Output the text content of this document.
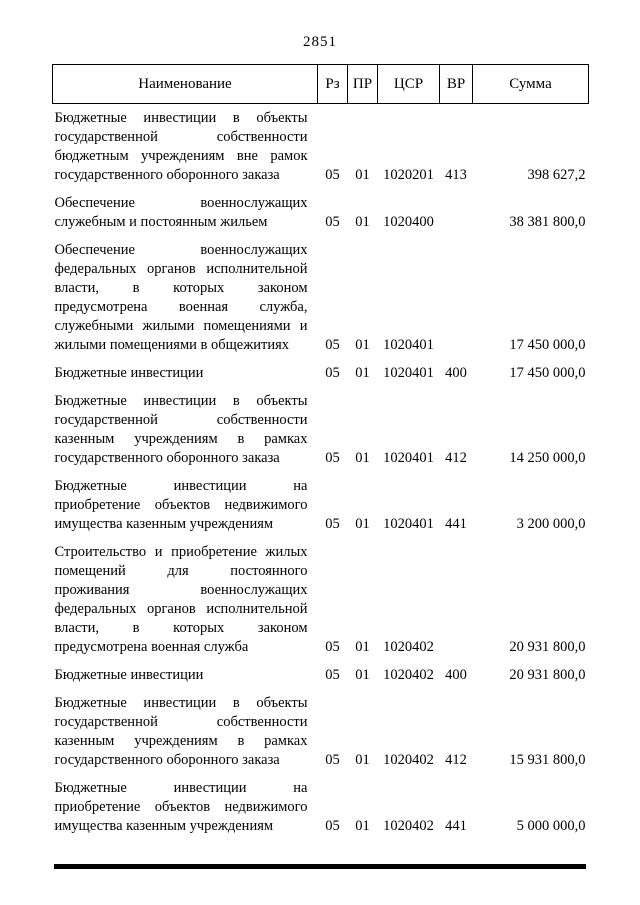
2851
Наименование	Рз	ПР	ЦСР	ВР	Сумма
Бюджетные инвестиции в объекты государственной собственности бюджетным учреждениям вне рамок государственного оборонного заказа	05	01	1020201	413	398 627,2
Обеспечение военнослужащих служебным и постоянным жильем	05	01	1020400		38 381 800,0
Обеспечение военнослужащих федеральных органов исполнительной власти, в которых законом предусмотрена военная служба, служебными жилыми помещениями и жилыми помещениями в общежитиях	05	01	1020401		17 450 000,0
Бюджетные инвестиции	05	01	1020401	400	17 450 000,0
Бюджетные инвестиции в объекты государственной собственности казенным учреждениям в рамках государственного оборонного заказа	05	01	1020401	412	14 250 000,0
Бюджетные инвестиции на приобретение объектов недвижимого имущества казенным учреждениям	05	01	1020401	441	3 200 000,0
Строительство и приобретение жилых помещений для постоянного проживания военнослужащих федеральных органов исполнительной власти, в которых законом предусмотрена военная служба	05	01	1020402		20 931 800,0
Бюджетные инвестиции	05	01	1020402	400	20 931 800,0
Бюджетные инвестиции в объекты государственной собственности казенным учреждениям в рамках государственного оборонного заказа	05	01	1020402	412	15 931 800,0
Бюджетные инвестиции на приобретение объектов недвижимого имущества казенным учреждениям	05	01	1020402	441	5 000 000,0
